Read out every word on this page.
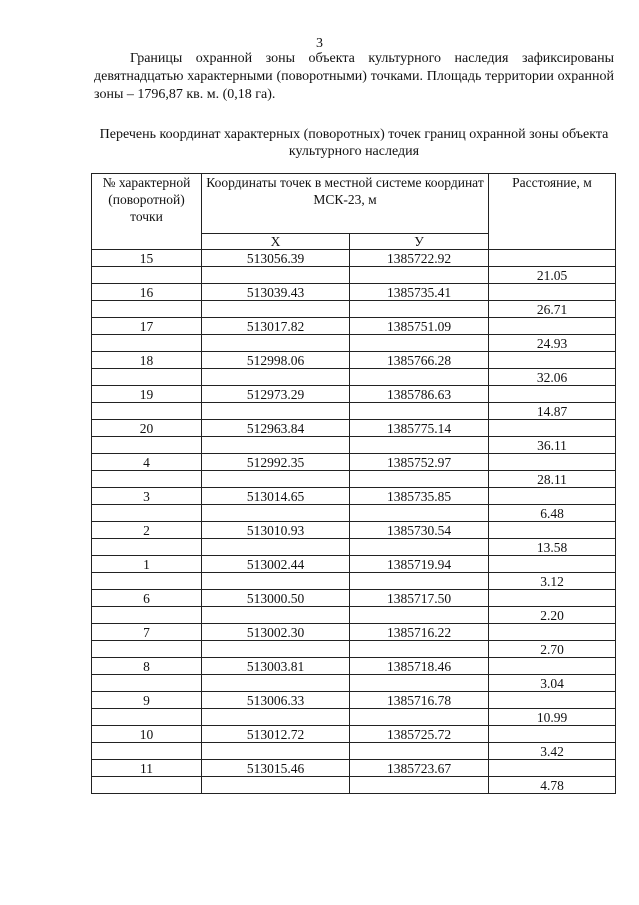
3

Границы охранной зоны объекта культурного наследия зафиксированы девятнадцатью характерными (поворотными) точками. Площадь территории охранной зоны – 1796,87 кв. м. (0,18 га).

Перечень координат характерных (поворотных) точек границ охранной зоны объекта культурного наследия
№ характерной (поворотной) точки	Координаты точек в местной системе координат МСК-23, м		Расстояние, м
	X	У	
15	513056.39	1385722.92	
			21.05
16	513039.43	1385735.41	
			26.71
17	513017.82	1385751.09	
			24.93
18	512998.06	1385766.28	
			32.06
19	512973.29	1385786.63	
			14.87
20	512963.84	1385775.14	
			36.11
4	512992.35	1385752.97	
			28.11
3	513014.65	1385735.85	
			6.48
2	513010.93	1385730.54	
			13.58
1	513002.44	1385719.94	
			3.12
6	513000.50	1385717.50	
			2.20
7	513002.30	1385716.22	
			2.70
8	513003.81	1385718.46	
			3.04
9	513006.33	1385716.78	
			10.99
10	513012.72	1385725.72	
			3.42
11	513015.46	1385723.67	
			4.78
